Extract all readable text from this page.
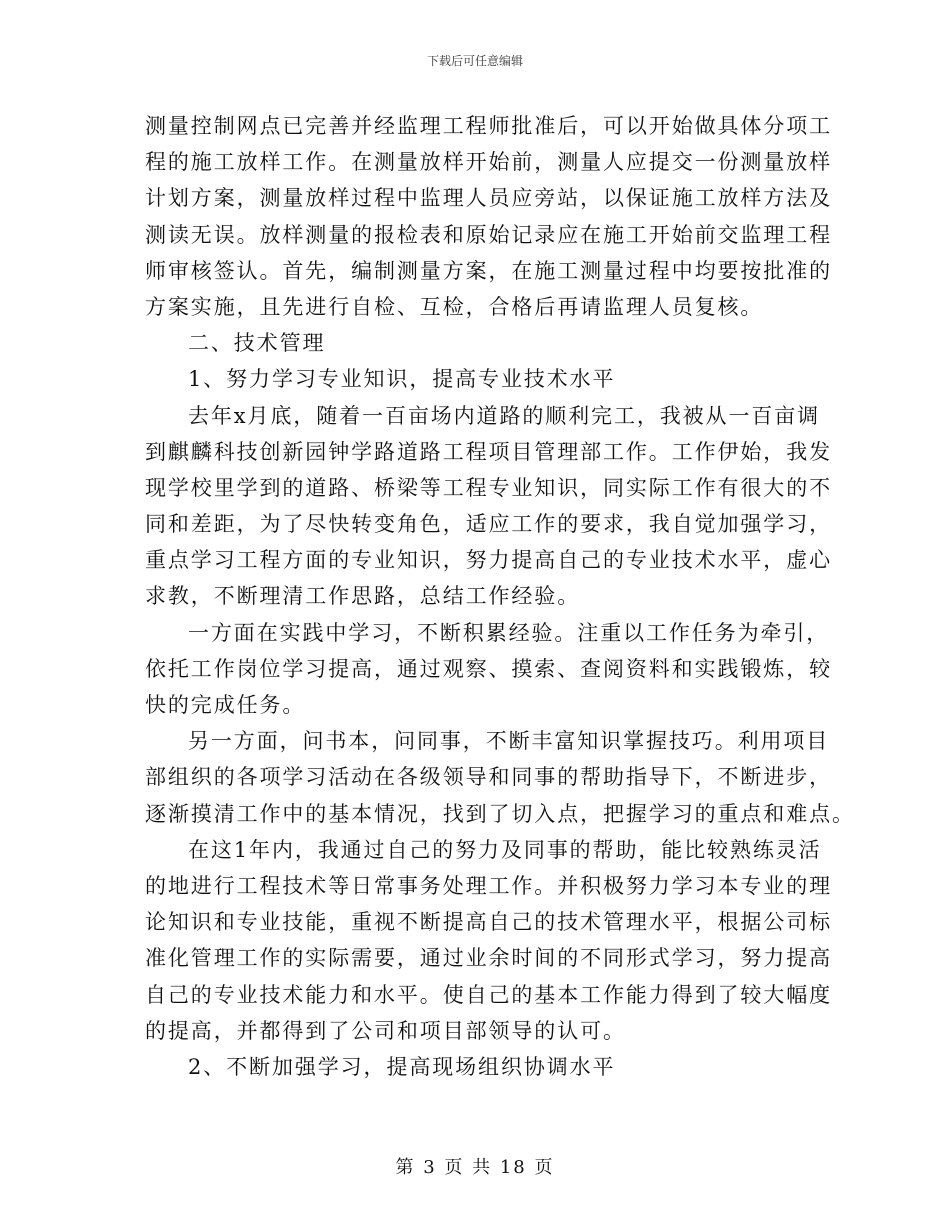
下载后可任意编辑
测量控制网点已完善并经监理工程师批准后，可以开始做具体分项工
程的施工放样工作。在测量放样开始前，测量人应提交一份测量放样
计划方案，测量放样过程中监理人员应旁站，以保证施工放样方法及
测读无误。放样测量的报检表和原始记录应在施工开始前交监理工程
师审核签认。首先，编制测量方案，在施工测量过程中均要按批准的
方案实施，且先进行自检、互检，合格后再请监理人员复核。
二、技术管理
1、努力学习专业知识，提高专业技术水平
去年x月底，随着一百亩场内道路的顺利完工，我被从一百亩调
到麒麟科技创新园钟学路道路工程项目管理部工作。工作伊始，我发
现学校里学到的道路、桥梁等工程专业知识，同实际工作有很大的不
同和差距，为了尽快转变角色，适应工作的要求，我自觉加强学习，
重点学习工程方面的专业知识，努力提高自己的专业技术水平，虚心
求教，不断理清工作思路，总结工作经验。
一方面在实践中学习，不断积累经验。注重以工作任务为牵引，
依托工作岗位学习提高，通过观察、摸索、查阅资料和实践锻炼，较
快的完成任务。
另一方面，问书本，问同事，不断丰富知识掌握技巧。利用项目
部组织的各项学习活动在各级领导和同事的帮助指导下，不断进步，
逐渐摸清工作中的基本情况，找到了切入点，把握学习的重点和难点。
在这1年内，我通过自己的努力及同事的帮助，能比较熟练灵活
的地进行工程技术等日常事务处理工作。并积极努力学习本专业的理
论知识和专业技能，重视不断提高自己的技术管理水平，根据公司标
准化管理工作的实际需要，通过业余时间的不同形式学习，努力提高
自己的专业技术能力和水平。使自己的基本工作能力得到了较大幅度
的提高，并都得到了公司和项目部领导的认可。
2、不断加强学习，提高现场组织协调水平
第 3 页 共 18 页
